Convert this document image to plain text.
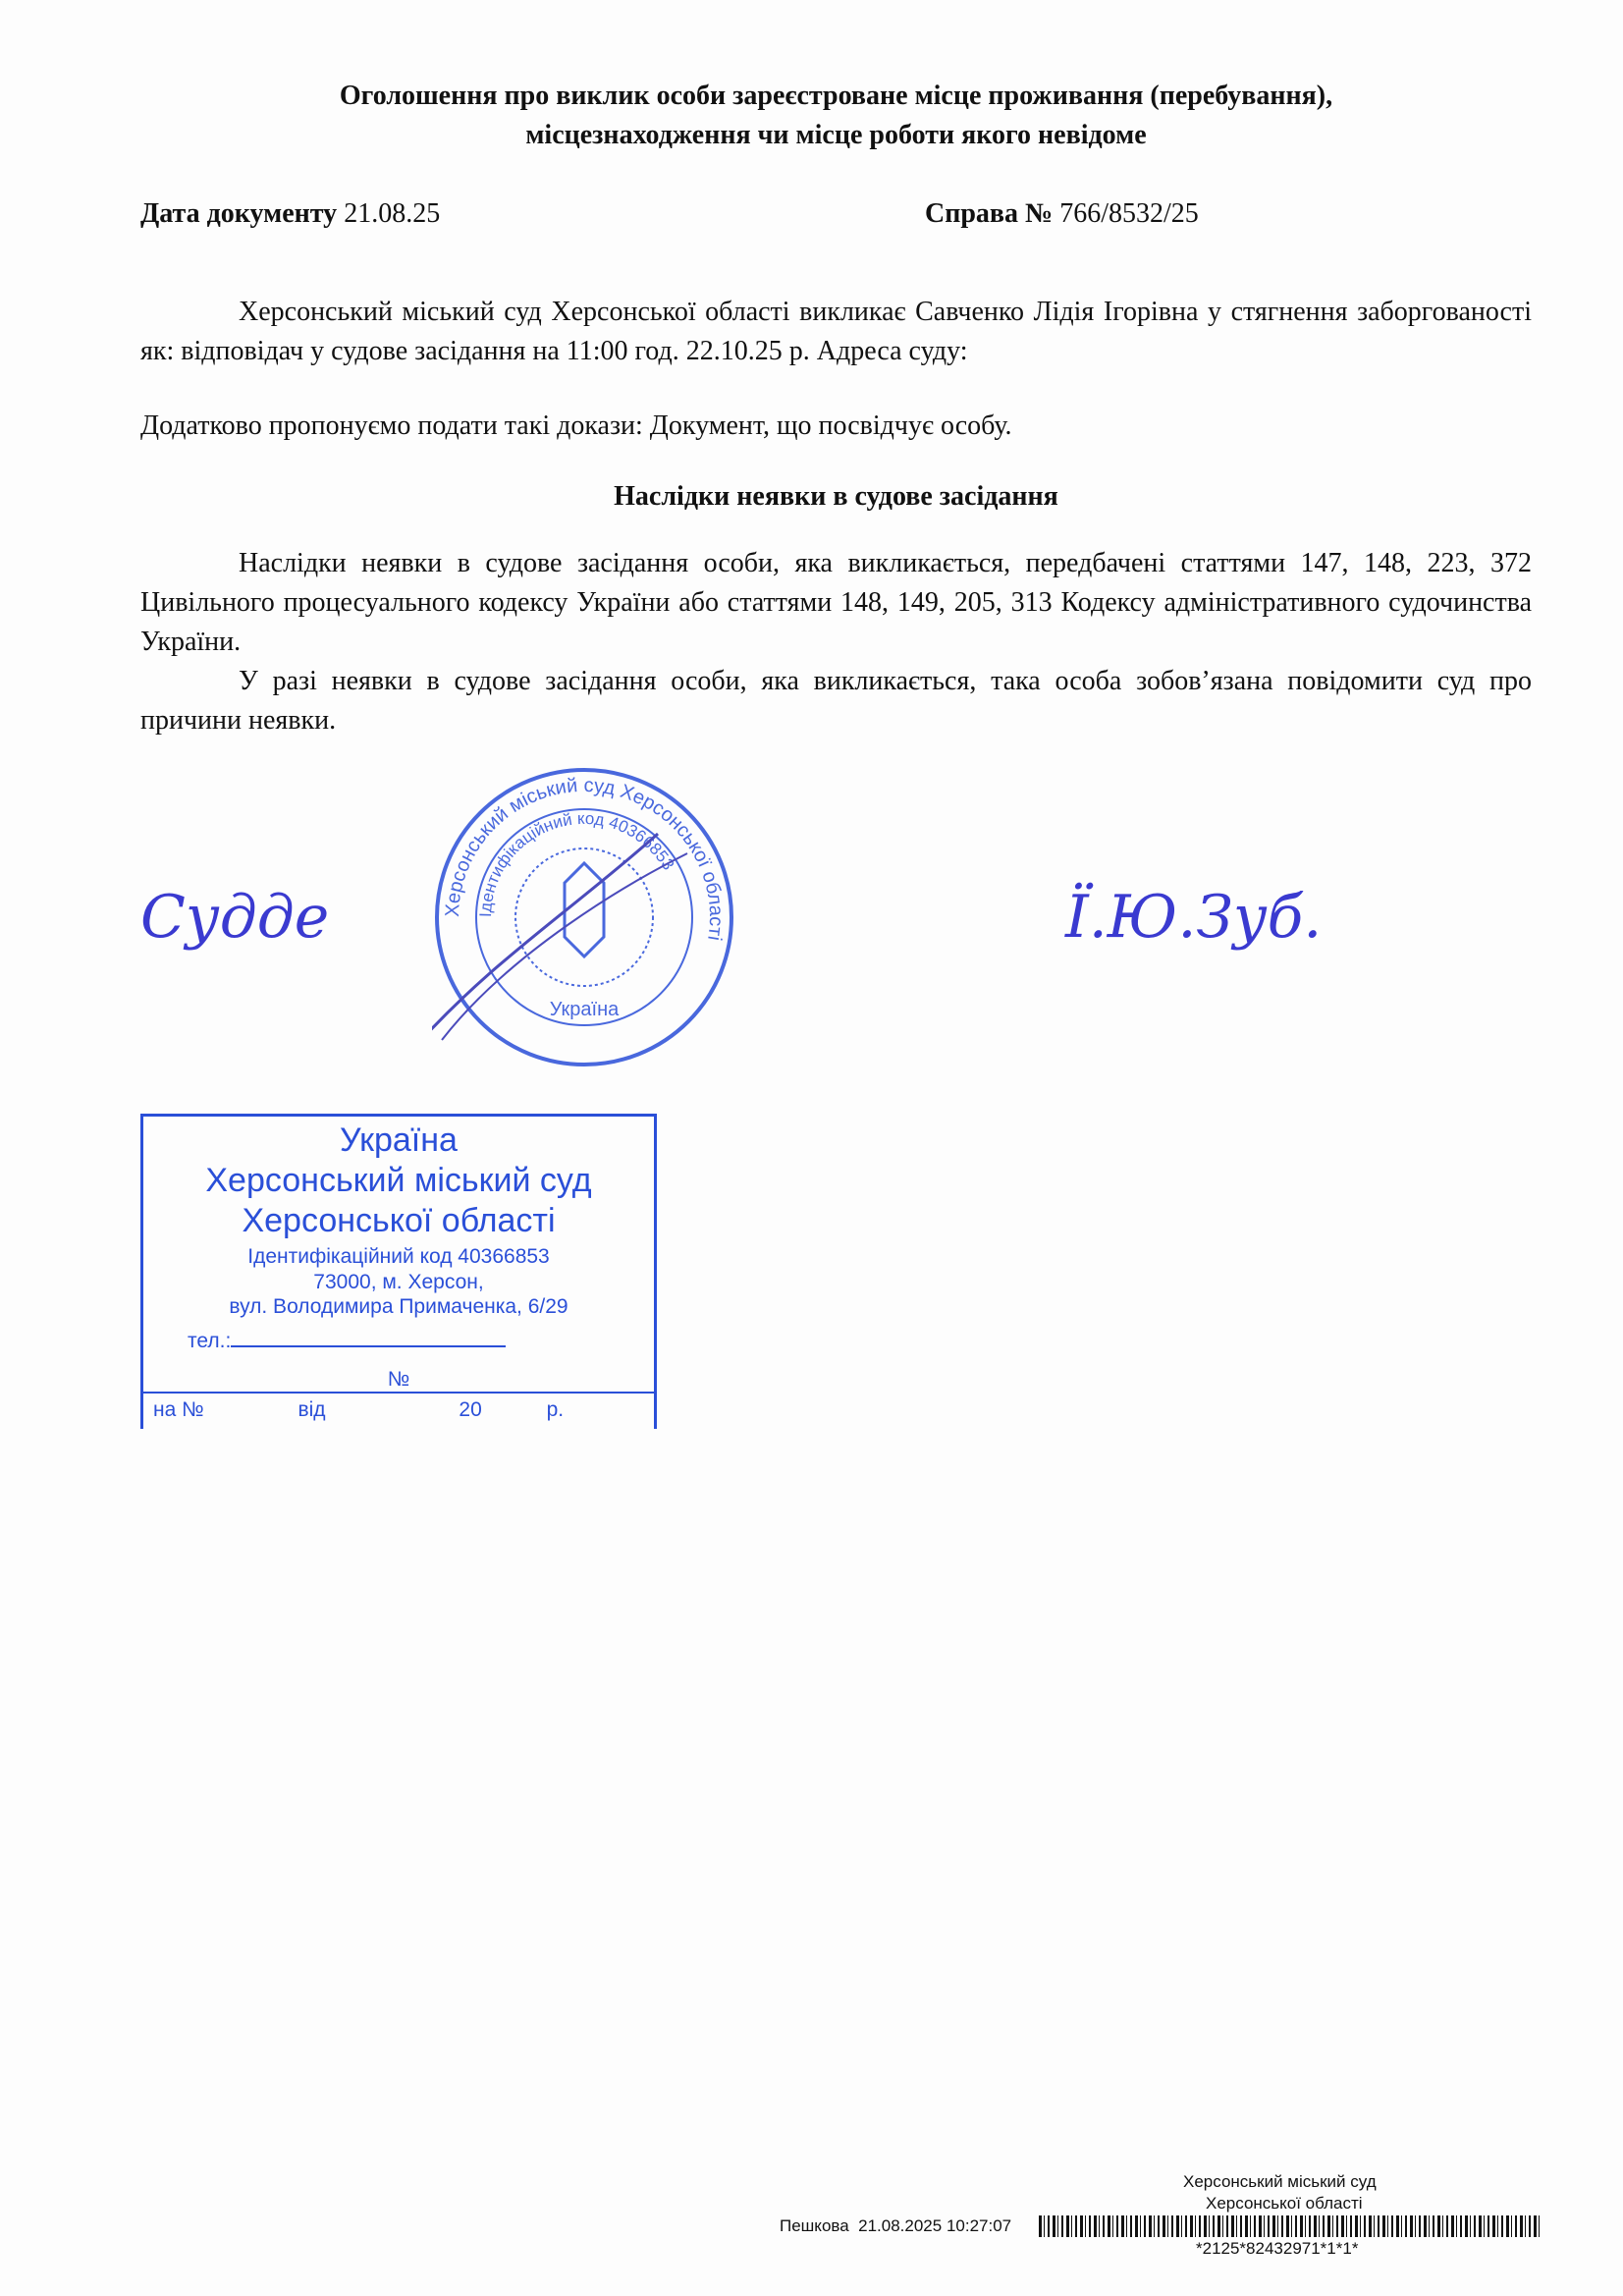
Оголошення про виклик особи зареєстроване місце проживання (перебування),
місцезнаходження чи місце роботи якого невідоме
Дата документу 21.08.25	Справа № 766/8532/25
Херсонський міський суд Херсонської області викликає Савченко Лідія Ігорівна у стягнення заборгованості як: відповідач у судове засідання на 11:00 год. 22.10.25 р. Адреса суду:
Додатково пропонуємо подати такі докази: Документ, що посвідчує особу.
Наслідки неявки в судове засідання
Наслідки неявки в судове засідання особи, яка викликається, передбачені статтями 147, 148, 223, 372 Цивільного процесуального кодексу України або статтями 148, 149, 205, 313 Кодексу адміністративного судочинства України.
У разі неявки в судове засідання особи, яка викликається, така особа зобов’язана повідомити суд про причини неявки.
Судде	Херсонський міський суд Херсонської області
Ідентифікаційний код 40366853
Україна
Ї.Ю.Зуб.
Україна
Херсонський міський суд
Херсонської області
Ідентифікаційний код 40366853
73000, м. Херсон,
вул. Володимира Примаченка, 6/29
тел.:
№
на №	від	20	р.
Херсонський міський суд
Херсонської області
Пешкова  21.08.2025 10:27:07
*2125*82432971*1*1*
